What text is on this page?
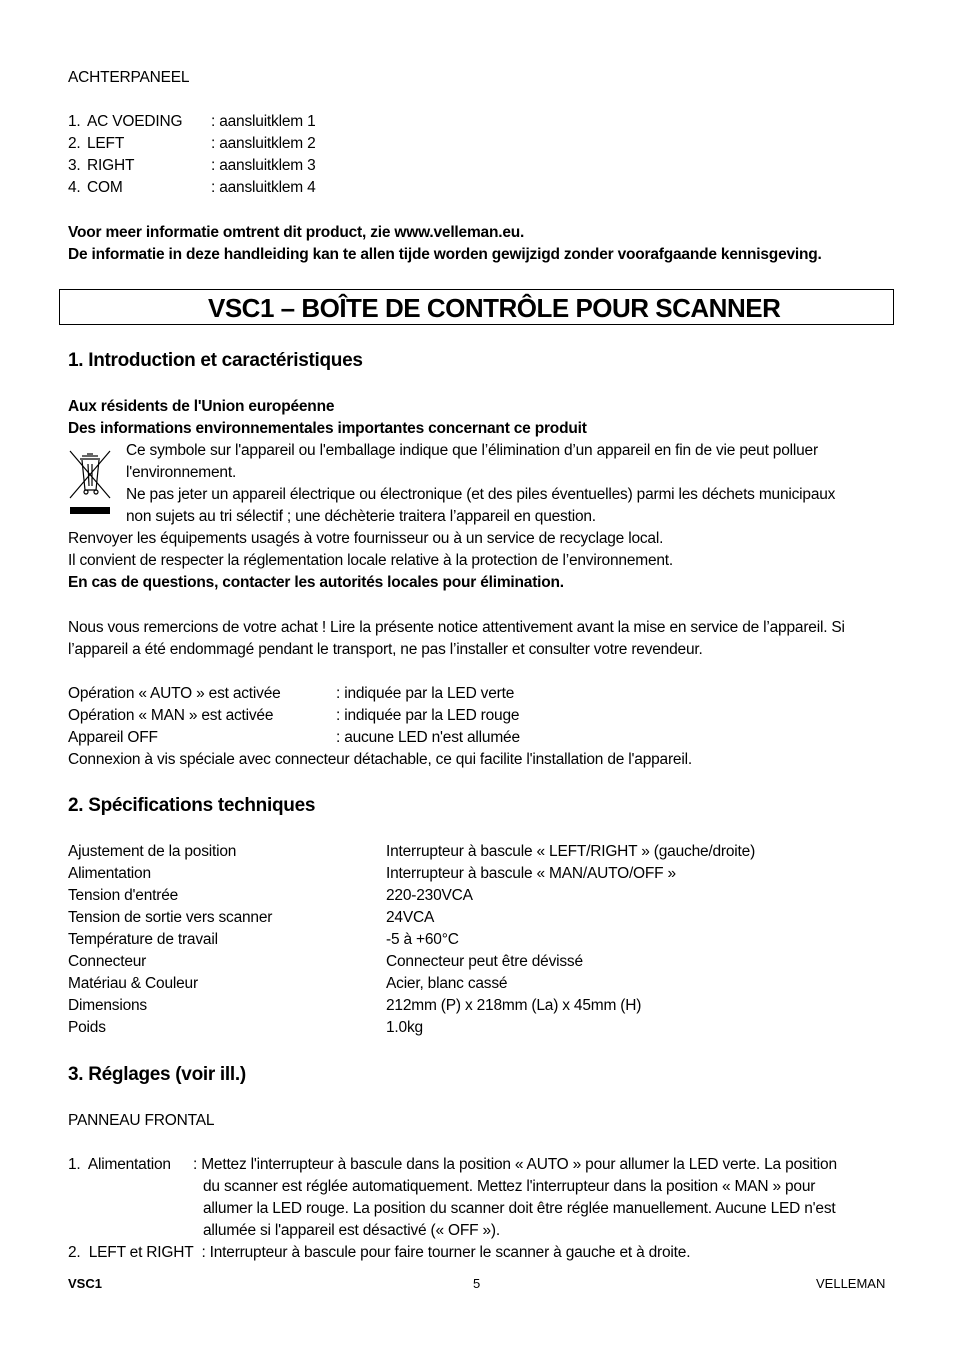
ACHTERPANEEL
1. AC VOEDING : aansluitklem 1
2. LEFT	: aansluitklem 2
3. RIGHT	: aansluitklem 3
4. COM	: aansluitklem 4
Voor meer informatie omtrent dit product, zie www.velleman.eu.
De informatie in deze handleiding kan te allen tijde worden gewijzigd zonder voorafgaande kennisgeving.
VSC1 – BOÎTE DE CONTRÔLE POUR SCANNER
1. Introduction et caractéristiques
Aux résidents de l'Union européenne
Des informations environnementales importantes concernant ce produit
Ce symbole sur l'appareil ou l'emballage indique que l’élimination d’un appareil en fin de vie peut polluer
l'environnement.
Ne pas jeter un appareil électrique ou électronique (et des piles éventuelles) parmi les déchets municipaux
non sujets au tri sélectif ; une déchèterie traitera l’appareil en question.
Renvoyer les équipements usagés à votre fournisseur ou à un service de recyclage local.
Il convient de respecter la réglementation locale relative à la protection de l’environnement.
En cas de questions, contacter les autorités locales pour élimination.
Nous vous remercions de votre achat ! Lire la présente notice attentivement avant la mise en service de l’appareil. Si
l’appareil a été endommagé pendant le transport, ne pas l’installer et consulter votre revendeur.
Opération « AUTO » est activée	: indiquée par la LED verte
Opération « MAN » est activée	: indiquée par la LED rouge
Appareil OFF	: aucune LED n'est allumée
Connexion à vis spéciale avec connecteur détachable, ce qui facilite l'installation de l'appareil.
2. Spécifications techniques
Ajustement de la position	Interrupteur à bascule « LEFT/RIGHT » (gauche/droite)
Alimentation	Interrupteur à bascule « MAN/AUTO/OFF »
Tension d'entrée	220-230VCA
Tension de sortie vers scanner	24VCA
Température de travail	-5 à +60°C
Connecteur	Connecteur peut être dévissé
Matériau & Couleur	Acier, blanc cassé
Dimensions	212mm (P) x 218mm (La) x 45mm (H)
Poids	1.0kg
3. Réglages (voir ill.)
PANNEAU FRONTAL
1.  Alimentation : Mettez l'interrupteur à bascule dans la position « AUTO » pour allumer la LED verte. La position
du scanner est réglée automatiquement. Mettez l'interrupteur dans la position « MAN » pour
allumer la LED rouge. La position du scanner doit être réglée manuellement. Aucune LED n'est
allumée si l'appareil est désactivé (« OFF »).
2.  LEFT et RIGHT  : Interrupteur à bascule pour faire tourner le scanner à gauche et à droite.
VSC1	5	VELLEMAN
